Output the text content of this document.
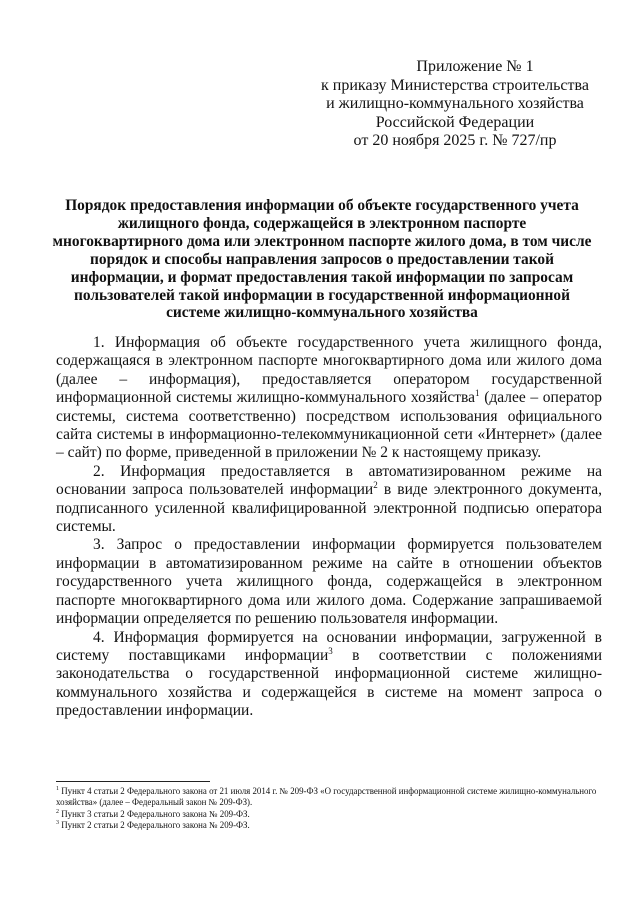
Приложение № 1
к приказу Министерства строительства
и жилищно-коммунального хозяйства
Российской Федерации
от 20 ноября 2025 г. № 727/пр
Порядок предоставления информации об объекте государственного учета жилищного фонда, содержащейся в электронном паспорте многоквартирного дома или электронном паспорте жилого дома, в том числе порядок и способы направления запросов о предоставлении такой информации, и формат предоставления такой информации по запросам пользователей такой информации в государственной информационной системе жилищно-коммунального хозяйства

1. Информация об объекте государственного учета жилищного фонда, содержащаяся в электронном паспорте многоквартирного дома или жилого дома (далее – информация), предоставляется оператором государственной информационной системы жилищно-коммунального хозяйства$^1$ (далее – оператор системы, система соответственно) посредством использования официального сайта системы в информационно-телекоммуникационной сети «Интернет» (далее – сайт) по форме, приведенной в приложении № 2 к настоящему приказу.

2. Информация предоставляется в автоматизированном режиме на основании запроса пользователей информации$^2$ в виде электронного документа, подписанного усиленной квалифицированной электронной подписью оператора системы.

3. Запрос о предоставлении информации формируется пользователем информации в автоматизированном режиме на сайте в отношении объектов государственного учета жилищного фонда, содержащейся в электронном паспорте многоквартирного дома или жилого дома. Содержание запрашиваемой информации определяется по решению пользователя информации.

4. Информация формируется на основании информации, загруженной в систему поставщиками информации$^3$ в соответствии с положениями законодательства о государственной информационной системе жилищно-коммунального хозяйства и содержащейся в системе на момент запроса о предоставлении информации.

$^1$ Пункт 4 статьи 2 Федерального закона от 21 июля 2014 г. № 209-ФЗ «О государственной информационной системе жилищно-коммунального хозяйства» (далее – Федеральный закон № 209-ФЗ).
$^2$ Пункт 3 статьи 2 Федерального закона № 209-ФЗ.
$^3$ Пункт 2 статьи 2 Федерального закона № 209-ФЗ.
